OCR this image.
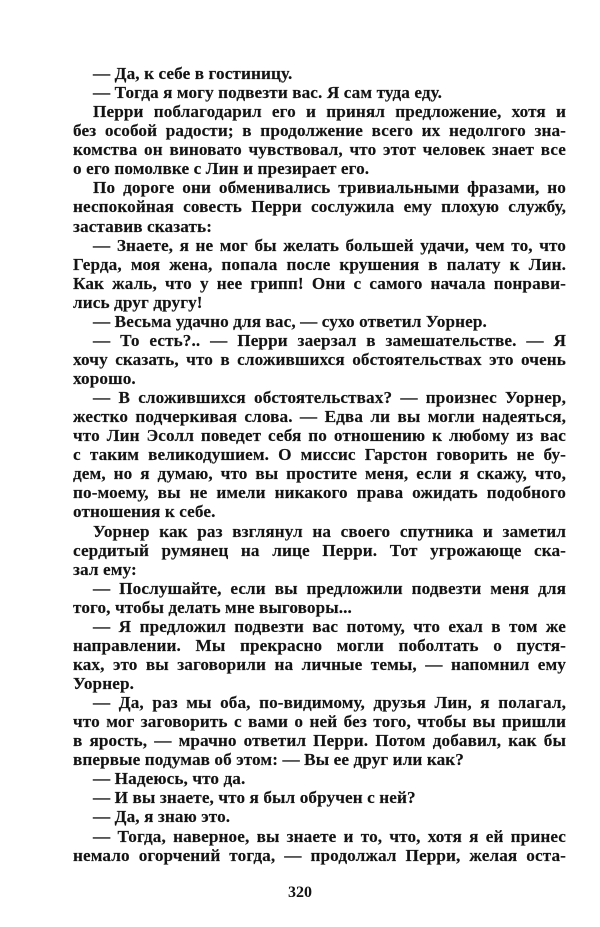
— Да, к себе в гостиницу.
— Тогда я могу подвезти вас. Я сам туда еду.
Перри поблагодарил его и принял предложение, хотя и
без особой радости; в продолжение всего их недолгого зна-
комства он виновато чувствовал, что этот человек знает все
о его помолвке с Лин и презирает его.
По дороге они обменивались тривиальными фразами, но
неспокойная совесть Перри сослужила ему плохую службу,
заставив сказать:
— Знаете, я не мог бы желать большей удачи, чем то, что
Герда, моя жена, попала после крушения в палату к Лин.
Как жаль, что у нее грипп! Они с самого начала понрави-
лись друг другу!
— Весьма удачно для вас, — сухо ответил Уорнер.
— То есть?.. — Перри заерзал в замешательстве. — Я
хочу сказать, что в сложившихся обстоятельствах это очень
хорошо.
— В сложившихся обстоятельствах? — произнес Уорнер,
жестко подчеркивая слова. — Едва ли вы могли надеяться,
что Лин Эсолл поведет себя по отношению к любому из вас
с таким великодушием. О миссис Гарстон говорить не бу-
дем, но я думаю, что вы простите меня, если я скажу, что,
по-моему, вы не имели никакого права ожидать подобного
отношения к себе.
Уорнер как раз взглянул на своего спутника и заметил
сердитый румянец на лице Перри. Тот угрожающе ска-
зал ему:
— Послушайте, если вы предложили подвезти меня для
того, чтобы делать мне выговоры...
— Я предложил подвезти вас потому, что ехал в том же
направлении. Мы прекрасно могли поболтать о пустя-
ках, это вы заговорили на личные темы, — напомнил ему
Уорнер.
— Да, раз мы оба, по-видимому, друзья Лин, я полагал,
что мог заговорить с вами о ней без того, чтобы вы пришли
в ярость, — мрачно ответил Перри. Потом добавил, как бы
впервые подумав об этом: — Вы ее друг или как?
— Надеюсь, что да.
— И вы знаете, что я был обручен с ней?
— Да, я знаю это.
— Тогда, наверное, вы знаете и то, что, хотя я ей принес
немало огорчений тогда, — продолжал Перри, желая оста-
320
